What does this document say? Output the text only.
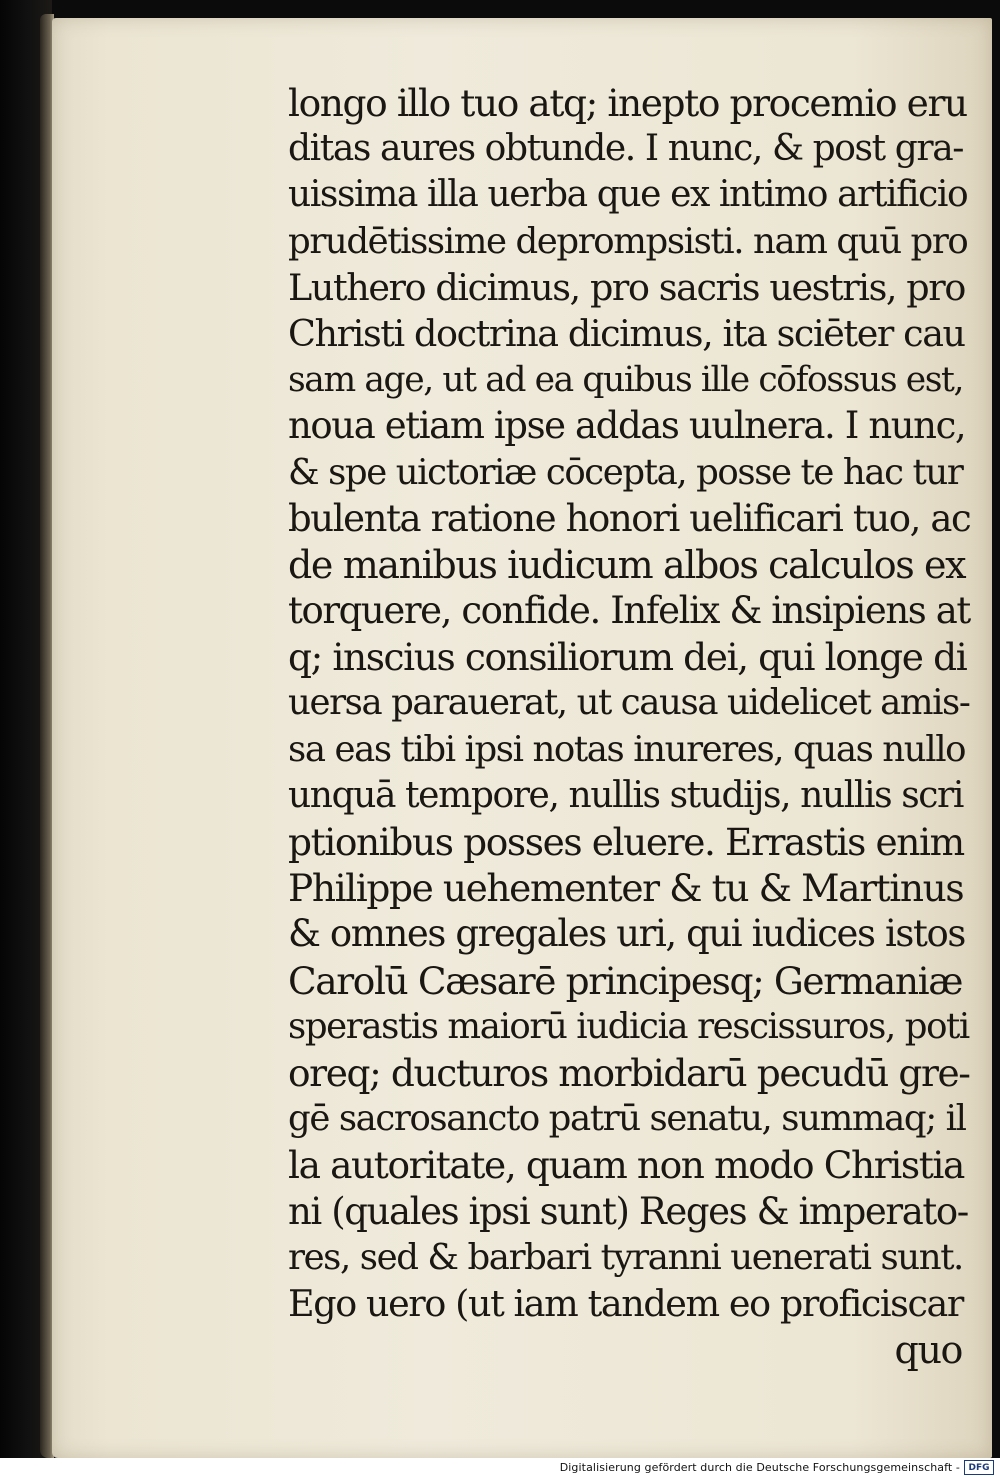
longo illo tuo atq; inepto procemio eru
ditas aures obtunde. I nunc, & post gra-
uissima illa uerba que ex intimo artificio
prudētissime deprompsisti. nam quū pro
Luthero dicimus, pro sacris uestris, pro
Christi doctrina dicimus, ita sciēter cau
sam age, ut ad ea quibus ille cōfossus est,
noua etiam ipse addas uulnera. I nunc,
& spe uictoriæ cōcepta, posse te hac tur
bulenta ratione honori uelificari tuo, ac
de manibus iudicum albos calculos ex
torquere, confide. Infelix & insipiens at
q; inscius consiliorum dei, qui longe di
uersa parauerat, ut causa uidelicet amis-
sa eas tibi ipsi notas inureres, quas nullo
unquā tempore, nullis studijs, nullis scri
ptionibus posses eluere. Errastis enim
Philippe uehementer & tu & Martinus
& omnes gregales uri, qui iudices istos
Carolū Cæsarē principesq; Germaniæ
sperastis maiorū iudicia rescissuros, poti
oreq; ducturos morbidarū pecudū gre-
gē sacrosancto patrū senatu, summaq; il
la autoritate, quam non modo Christia
ni (quales ipsi sunt) Reges & imperato-
res, sed & barbari tyranni uenerati sunt.
Ego uero (ut iam tandem eo proficiscar
quo
Digitalisierung gefördert durch die Deutsche Forschungsgemeinschaft - DFG
